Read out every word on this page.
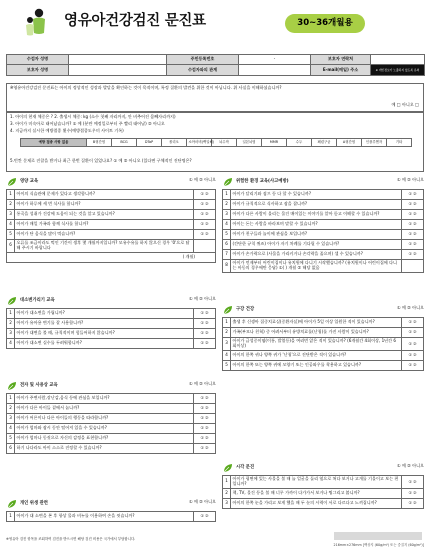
영유아건강검진 문진표	30~36개월용
수검자 성명		주민등록번호	-	보호자 연락처	
보호자 성명		수검자와의 관계		E-mail(메일) 주소	※ 개인정보가 노출되지 않도록 유의
※영유아건강검진 문진표는 아이의 정상적인 성장과 발달을 확인하는 것이 목적이며, 특정 질환의 발견을 위한 것이 아닙니다. 위 사실을 이해하셨습니까?
예 □ 아니오 □
1. 아이의 현재 체중은 ? 2. 출생시 체중: kg (소수 첫째 자리까지, 안 비추어진 몸뻬자리까지)
3. 아이가 미숙아로 태어났습니까? ① 예 (분만 예정일로부터 주 빨리 태어남) ② 아니오
4. 지금까지 실시한 예방접종 횟수(예방접종도우미 사이트 기록)
5.빈칸 문제로 진찰을 받거나 최근 한번 질환이 있었나요? ① 예 ② 아니오 (있다면 구체적인 진단명은?
예방 접종 사항 없음	B형간염	BCG	DTaP	폴리오	소아마비(백일해)	뇌수막	일본뇌염	MMR	수두	폐렴구균	A형간염	인플루엔자	기타
영양 교육	① 예 ② 아니오
1	아이의 식습관에 문제가 있다고 생각합니까?	① ②
2	아이가 하루에 세 번 식사를 합니까?	① ②
3	통곡을 성취가 건강에 도움이 되는 것을 알고 있습니까?	① ②
4	아이가 매일 가족과 함께 식사를 합니까?	① ②
5	아이가 단 음식을 많이 먹습니까?	① ②
6	오류를 조금이라도 먹인 기간이 생후 몇 개월까지입니까? 모유수유를 하지 않으신 경우 '0'으로 답해 주시기 바랍니다	
( 개월)		
대소변가리기 교육	① 예 ② 아니오
1	아이가 대소변을 가립니까?	① ②
2	아이가 유아용 변기를 잘 사용합니까?	① ②
3	아이가 대변을 볼 때, 규칙적이며 힘들어하지 않습니까?	① ②
4	아이가 대소변 실수를 두려워합니까?	① ②
전자 및 사용상 교육	① 예 ② 아니오
1	아이가 주변사람,장난감,음식 등에 관심을 보입니까?	① ②
2	아이가 다른 아이들 곁에서 놉니까?	① ②
3	아이가 어른이나 다른 아이들의 행동을 따라합니까?	① ②
4	아이가 엄마와 잠시 동안 떨어져 있을 수 있습니까?	① ②
5	아이가 엄마나 동짓으로 자신의 감정을 표현합니까?	① ②
6	하기 나다라도 아이 스스로 진정할 수 있습니까?	① ②
개인 위생 관련	① 예 ② 아니오
1	아이가 대 소변을 본 후 항상 물과 비누를 이용하여 손을 씻습니까?	① ②
위험한 환경 교육(사고예방)	① 예 ② 아니오
1	아이가 달리기와 점프 등 다 할 수 있습니까?	① ②
2	아이가 규칙적으로 식사하고 잠을 잡니까?	① ②
3	아이가 다른 사람이 울리는 물건 매이있는 이야기를 알아 듣고 이해할 수 있습니까?	① ②
4	아이는 돈는 사람을 바라보며 말할 수 있습니까?	① ②
5	아이가 친구들과 놀이에 관심을 보입니까?	① ②
6	(간단한 규칙 퀴즈) 아이가 자기 차례를 기다릴 수 있습니까?	① ②
7	아이가 손가락으로 (사물을 가리키거나 손각락을 꼽으며) 셀 수 있습니까?	① ②
8	아이가 언제부터 어린이집이나 유치원에 다니기 시작했습니까? (유치원이나 어린이집에 다니는 아동의 경우에만 응답) ①( ) 개월 ② 해당 없음	
구강 건강	① 예 ② 아니오
1	출생 후 신생아 집중치료실(중환자실)에 아이가 5일 이상 입원한 적이 있습니까?	① ②
2	가족(부모나 친척) 중 어려서부터 유방치료를(난청)를 가진 사람이 있습니까?	① ②
3	아이가 급성중이염(이통, 발열등)을 여러번 앓은 적이 있습니까? (6개월간 4회이상, 1년간 6회이상)	① ②
4	아이의 한쪽 귀나 양쪽 귀가 '난청'으로 진단받은 적이 있습니까?	① ②
5	아이의 한쪽 또는 양쪽 귀에 모양기 또는 인공와우를 착용하고 있습니까?	① ②
시각 문진	① 예 ② 아니오
1	아이가 평면에 있는 사물을 볼 때 늘 얼굴을 돌리 옆으로 쳐다 보거나 고개를 기울이고 보는 편입니까?	① ②
2	책, TV, 물건 등을 볼 때 너무 가까이 다가가서 보거나 찡그리고 봅니까?	① ②
3	아이의 한쪽 눈을 가리고 보게 했을 때 두 눈의 시력이 서로 다르다고 느껴집니까?	① ②
※영유아 검진 항목을 조회하여 검진을 받으시면 해당 검진 비용은 국가에서 부담합니다.
216mm×276mm [백상지 (60g/m²) 또는 중질지 (60g/m²)]
